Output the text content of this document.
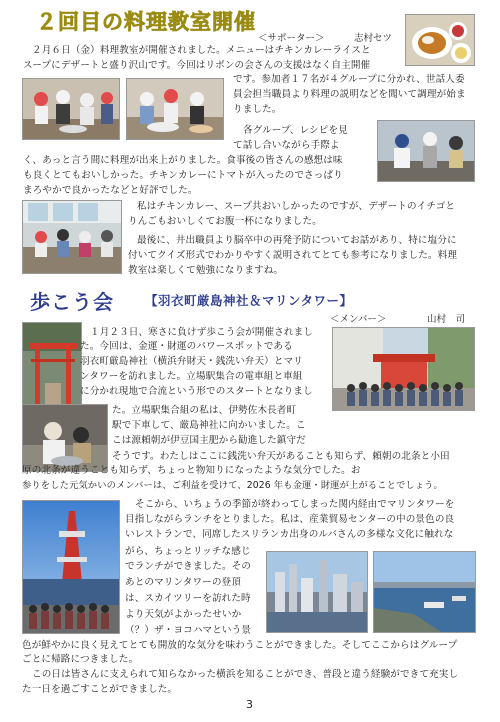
２回目の料理教室開催
＜サポーター＞	志村セツ
２月６日（金）料理教室が開催されました。メニューはチキンカレーライスと
スープにデザートと盛り沢山です。今回はリボンの会さんの支援はなく自主開催
です。参加者１７名が４グループに分かれ、世話人委
員会担当職員より料理の説明などを聞いて調理が始ま
りました。
各グループ、レシピを見
て話し合いながら手際よ
く、あっと言う間に料理が出来上がりました。食事後の皆さんの感想は味
も良くとてもおいしかった。チキンカレーにトマトが入ったのでさっぱり
まろやかで良かったなどと好評でした。
私はチキンカレー、スープ共おいしかったのですが、デザートのイチゴと
りんごもおいしくてお腹一杯になりました。
最後に、井出職員より脳卒中の再発予防についてお話があり、特に塩分に
付いてクイズ形式でわかりやすく説明されてとても参考になりました。料理
教室は楽しくて勉強になりますね。
歩こう会 【羽衣町厳島神社＆マリンタワー】
＜メンバー＞	山村　司
１月２３日、寒さに負けず歩こう会が開催されまし
た。今回は、金運・財運のパワースポットである
羽衣町厳島神社（横浜弁財天・銭洗い弁天）とマリ
ンタワーを訪れました。立場駅集合の電車組と車組
に分かれ現地で合流という形でのスタートとなりまし
た。立場駅集合組の私は、伊勢佐木長者町
駅で下車して、厳島神社に向かいました。こ
こは源頼朝が伊豆国主肥から勧進した鎮守だ
そうです。わたしはここに銭洗い弁天があることも知らず、頼朝の北条と小田
原の北条が違うことも知らず、ちょっと物知りになったような気分でした。お
参りをした元気かいのメンバーは、ご利益を受けて、2026 年も金運・財運が上がることでしょう。
そこから、いちょうの季節が終わってしまった関内経由でマリンタワーを
目指しながらランチをとりました。私は、産業貿易センターの中の景色の良
いレストランで、同席したスリランカ出身のルバさんの多様な文化に触れな
がら、ちょっとリッチな感じ
でランチができました。その
あとのマリンタワーの登頂
は、スカイツリーを訪れた時
より天気がよかったせいか
（？）ザ・ヨコハマという景
色が鮮やかに良く見えてとても開放的な気分を味わうことができました。そしてここからはグループ
ごとに帰路につきました。
この日は皆さんに支えられて知らなかった横浜を知ることができ、普段と違う経験ができて充実し
た一日を過ごすことができました。
3
